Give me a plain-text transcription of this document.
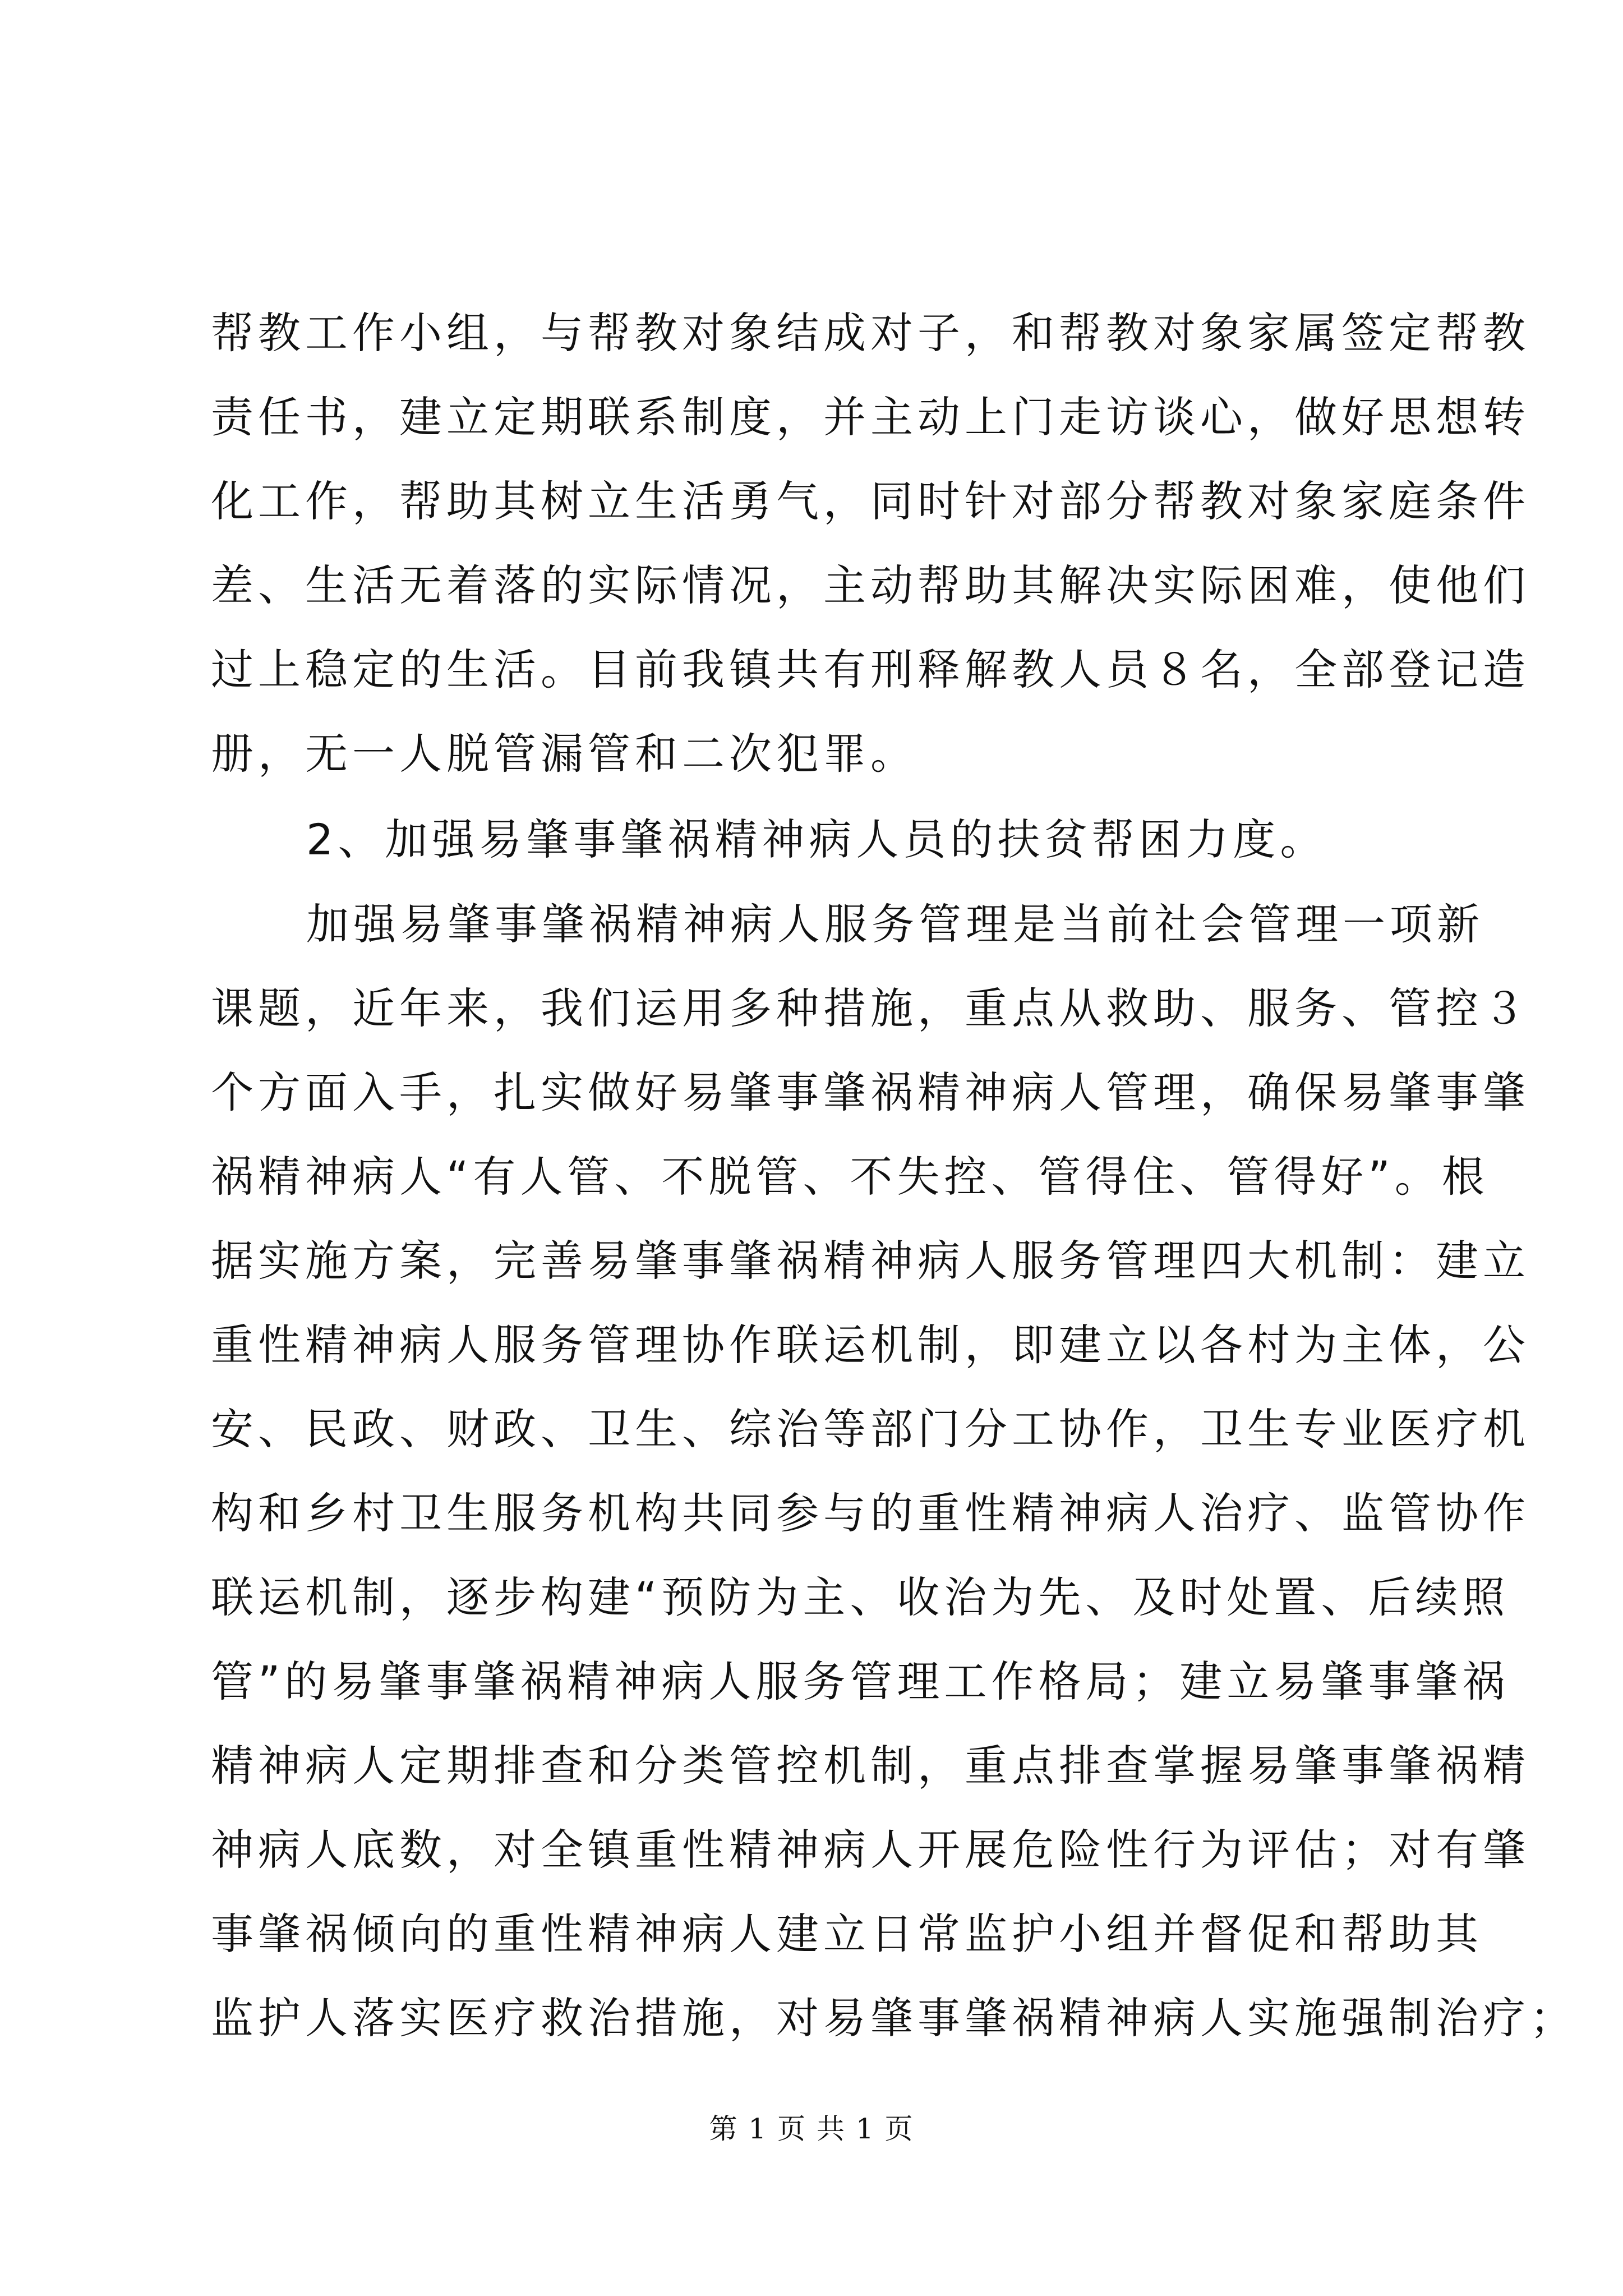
帮教工作小组，与帮教对象结成对子，和帮教对象家属签定帮教
责任书，建立定期联系制度，并主动上门走访谈心，做好思想转
化工作，帮助其树立生活勇气，同时针对部分帮教对象家庭条件
差、生活无着落的实际情况，主动帮助其解决实际困难，使他们
过上稳定的生活。目前我镇共有刑释解教人员８名，全部登记造
册，无一人脱管漏管和二次犯罪。
2、加强易肇事肇祸精神病人员的扶贫帮困力度。
加强易肇事肇祸精神病人服务管理是当前社会管理一项新
课题，近年来，我们运用多种措施，重点从救助、服务、管控３
个方面入手，扎实做好易肇事肇祸精神病人管理，确保易肇事肇
祸精神病人“有人管、不脱管、不失控、管得住、管得好”。根
据实施方案，完善易肇事肇祸精神病人服务管理四大机制：建立
重性精神病人服务管理协作联运机制，即建立以各村为主体，公
安、民政、财政、卫生、综治等部门分工协作，卫生专业医疗机
构和乡村卫生服务机构共同参与的重性精神病人治疗、监管协作
联运机制，逐步构建“预防为主、收治为先、及时处置、后续照
管”的易肇事肇祸精神病人服务管理工作格局；建立易肇事肇祸
精神病人定期排查和分类管控机制，重点排查掌握易肇事肇祸精
神病人底数，对全镇重性精神病人开展危险性行为评估；对有肇
事肇祸倾向的重性精神病人建立日常监护小组并督促和帮助其
监护人落实医疗救治措施，对易肇事肇祸精神病人实施强制治疗；
第 1 页 共 1 页
